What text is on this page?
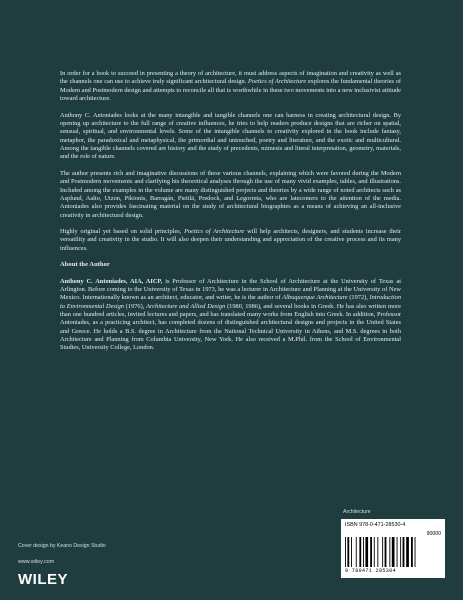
In order for a book to succeed in presenting a theory of architecture, it must address aspects of imagination and creativity as well as the channels one can use to achieve truly significant architectural design. Poetics of Architecture explores the fundamental theories of Modern and Postmodern design and attempts to reconcile all that is worthwhile in these two movements into a new inclusivist attitude toward architecture.

Anthony C. Antoniades looks at the many intangible and tangible channels one can harness in creating architectural design. By opening up architecture to the full range of creative influences, he tries to help readers produce designs that are richer on spatial, sensual, spiritual, and environmental levels. Some of the intangible channels to creativity explored in the book include fantasy, metaphor, the paradoxical and metaphysical, the primordial and untouched, poetry and literature, and the exotic and multicultural. Among the tangible channels covered are history and the study of precedents, mimesis and literal interpretation, geometry, materials, and the role of nature.

The author presents rich and imaginative discussions of these various channels, explaining which were favored during the Modern and Postmodern movements and clarifying his theoretical analyses through the use of many vivid examples, tables, and illustrations. Included among the examples in the volume are many distinguished projects and theories by a wide range of noted architects such as Asplund, Aalto, Utzon, Pikionis, Barragán, Pietilä, Predock, and Legorreta, who are latecomers to the attention of the media. Antoniades also provides fascinating material on the study of architectural biographies as a means of achieving an all-inclusive creativity in architectural design.

Highly original yet based on solid principles, Poetics of Architecture will help architects, designers, and students increase their versatility and creativity in the studio. It will also deepen their understanding and appreciation of the creative process and its many influences.

About the Author

Anthony C. Antoniades, AIA, AICP, is Professor of Architecture in the School of Architecture at the University of Texas at Arlington. Before coming to the University of Texas in 1973, he was a lecturer in Architecture and Planning at the University of New Mexico. Internationally known as an architect, educator, and writer, he is the author of Albuquerque Architecture (1972), Introduction to Environmental Design (1976), Architecture and Allied Design (1980, 1986), and several books in Greek. He has also written more than one hundred articles, invited lectures and papers, and has translated many works from English into Greek. In addition, Professor Antoniades, as a practicing architect, has completed dozens of distinguished architectural designs and projects in the United States and Greece. He holds a B.S. degree in Architecture from the National Technical University in Athens, and M.S. degrees in both Architecture and Planning from Columbia University, New York. He also received a M.Phil. from the School of Environmental Studies, University College, London.

Cover design by Keano Design Studio
www.wiley.com
WILEY
Architecture
ISBN 978-0-471-28530-4
90000
9 780471 285304
